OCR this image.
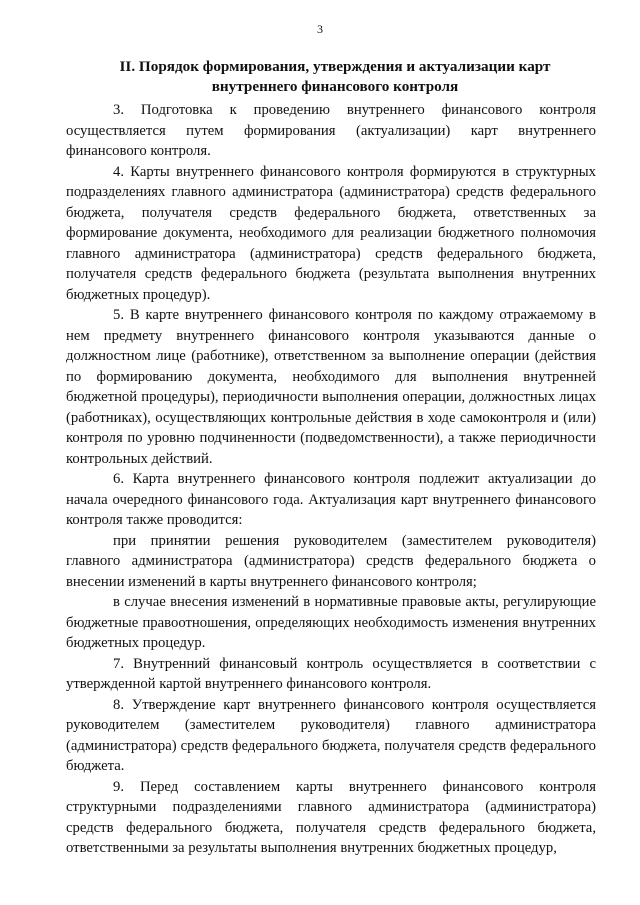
3
II. Порядок формирования, утверждения и актуализации карт внутреннего финансового контроля

3. Подготовка к проведению внутреннего финансового контроля осуществляется путем формирования (актуализации) карт внутреннего финансового контроля.

4. Карты внутреннего финансового контроля формируются в структурных подразделениях главного администратора (администратора) средств федерального бюджета, получателя средств федерального бюджета, ответственных за формирование документа, необходимого для реализации бюджетного полномочия главного администратора (администратора) средств федерального бюджета, получателя средств федерального бюджета (результата выполнения внутренних бюджетных процедур).

5. В карте внутреннего финансового контроля по каждому отражаемому в нем предмету внутреннего финансового контроля указываются данные о должностном лице (работнике), ответственном за выполнение операции (действия по формированию документа, необходимого для выполнения внутренней бюджетной процедуры), периодичности выполнения операции, должностных лицах (работниках), осуществляющих контрольные действия в ходе самоконтроля и (или) контроля по уровню подчиненности (подведомственности), а также периодичности контрольных действий.

6. Карта внутреннего финансового контроля подлежит актуализации до начала очередного финансового года. Актуализация карт внутреннего финансового контроля также проводится:

при принятии решения руководителем (заместителем руководителя) главного администратора (администратора) средств федерального бюджета о внесении изменений в карты внутреннего финансового контроля;

в случае внесения изменений в нормативные правовые акты, регулирующие бюджетные правоотношения, определяющих необходимость изменения внутренних бюджетных процедур.

7. Внутренний финансовый контроль осуществляется в соответствии с утвержденной картой внутреннего финансового контроля.

8. Утверждение карт внутреннего финансового контроля осуществляется руководителем (заместителем руководителя) главного администратора (администратора) средств федерального бюджета, получателя средств федерального бюджета.

9. Перед составлением карты внутреннего финансового контроля структурными подразделениями главного администратора (администратора) средств федерального бюджета, получателя средств федерального бюджета, ответственными за результаты выполнения внутренних бюджетных процедур,
